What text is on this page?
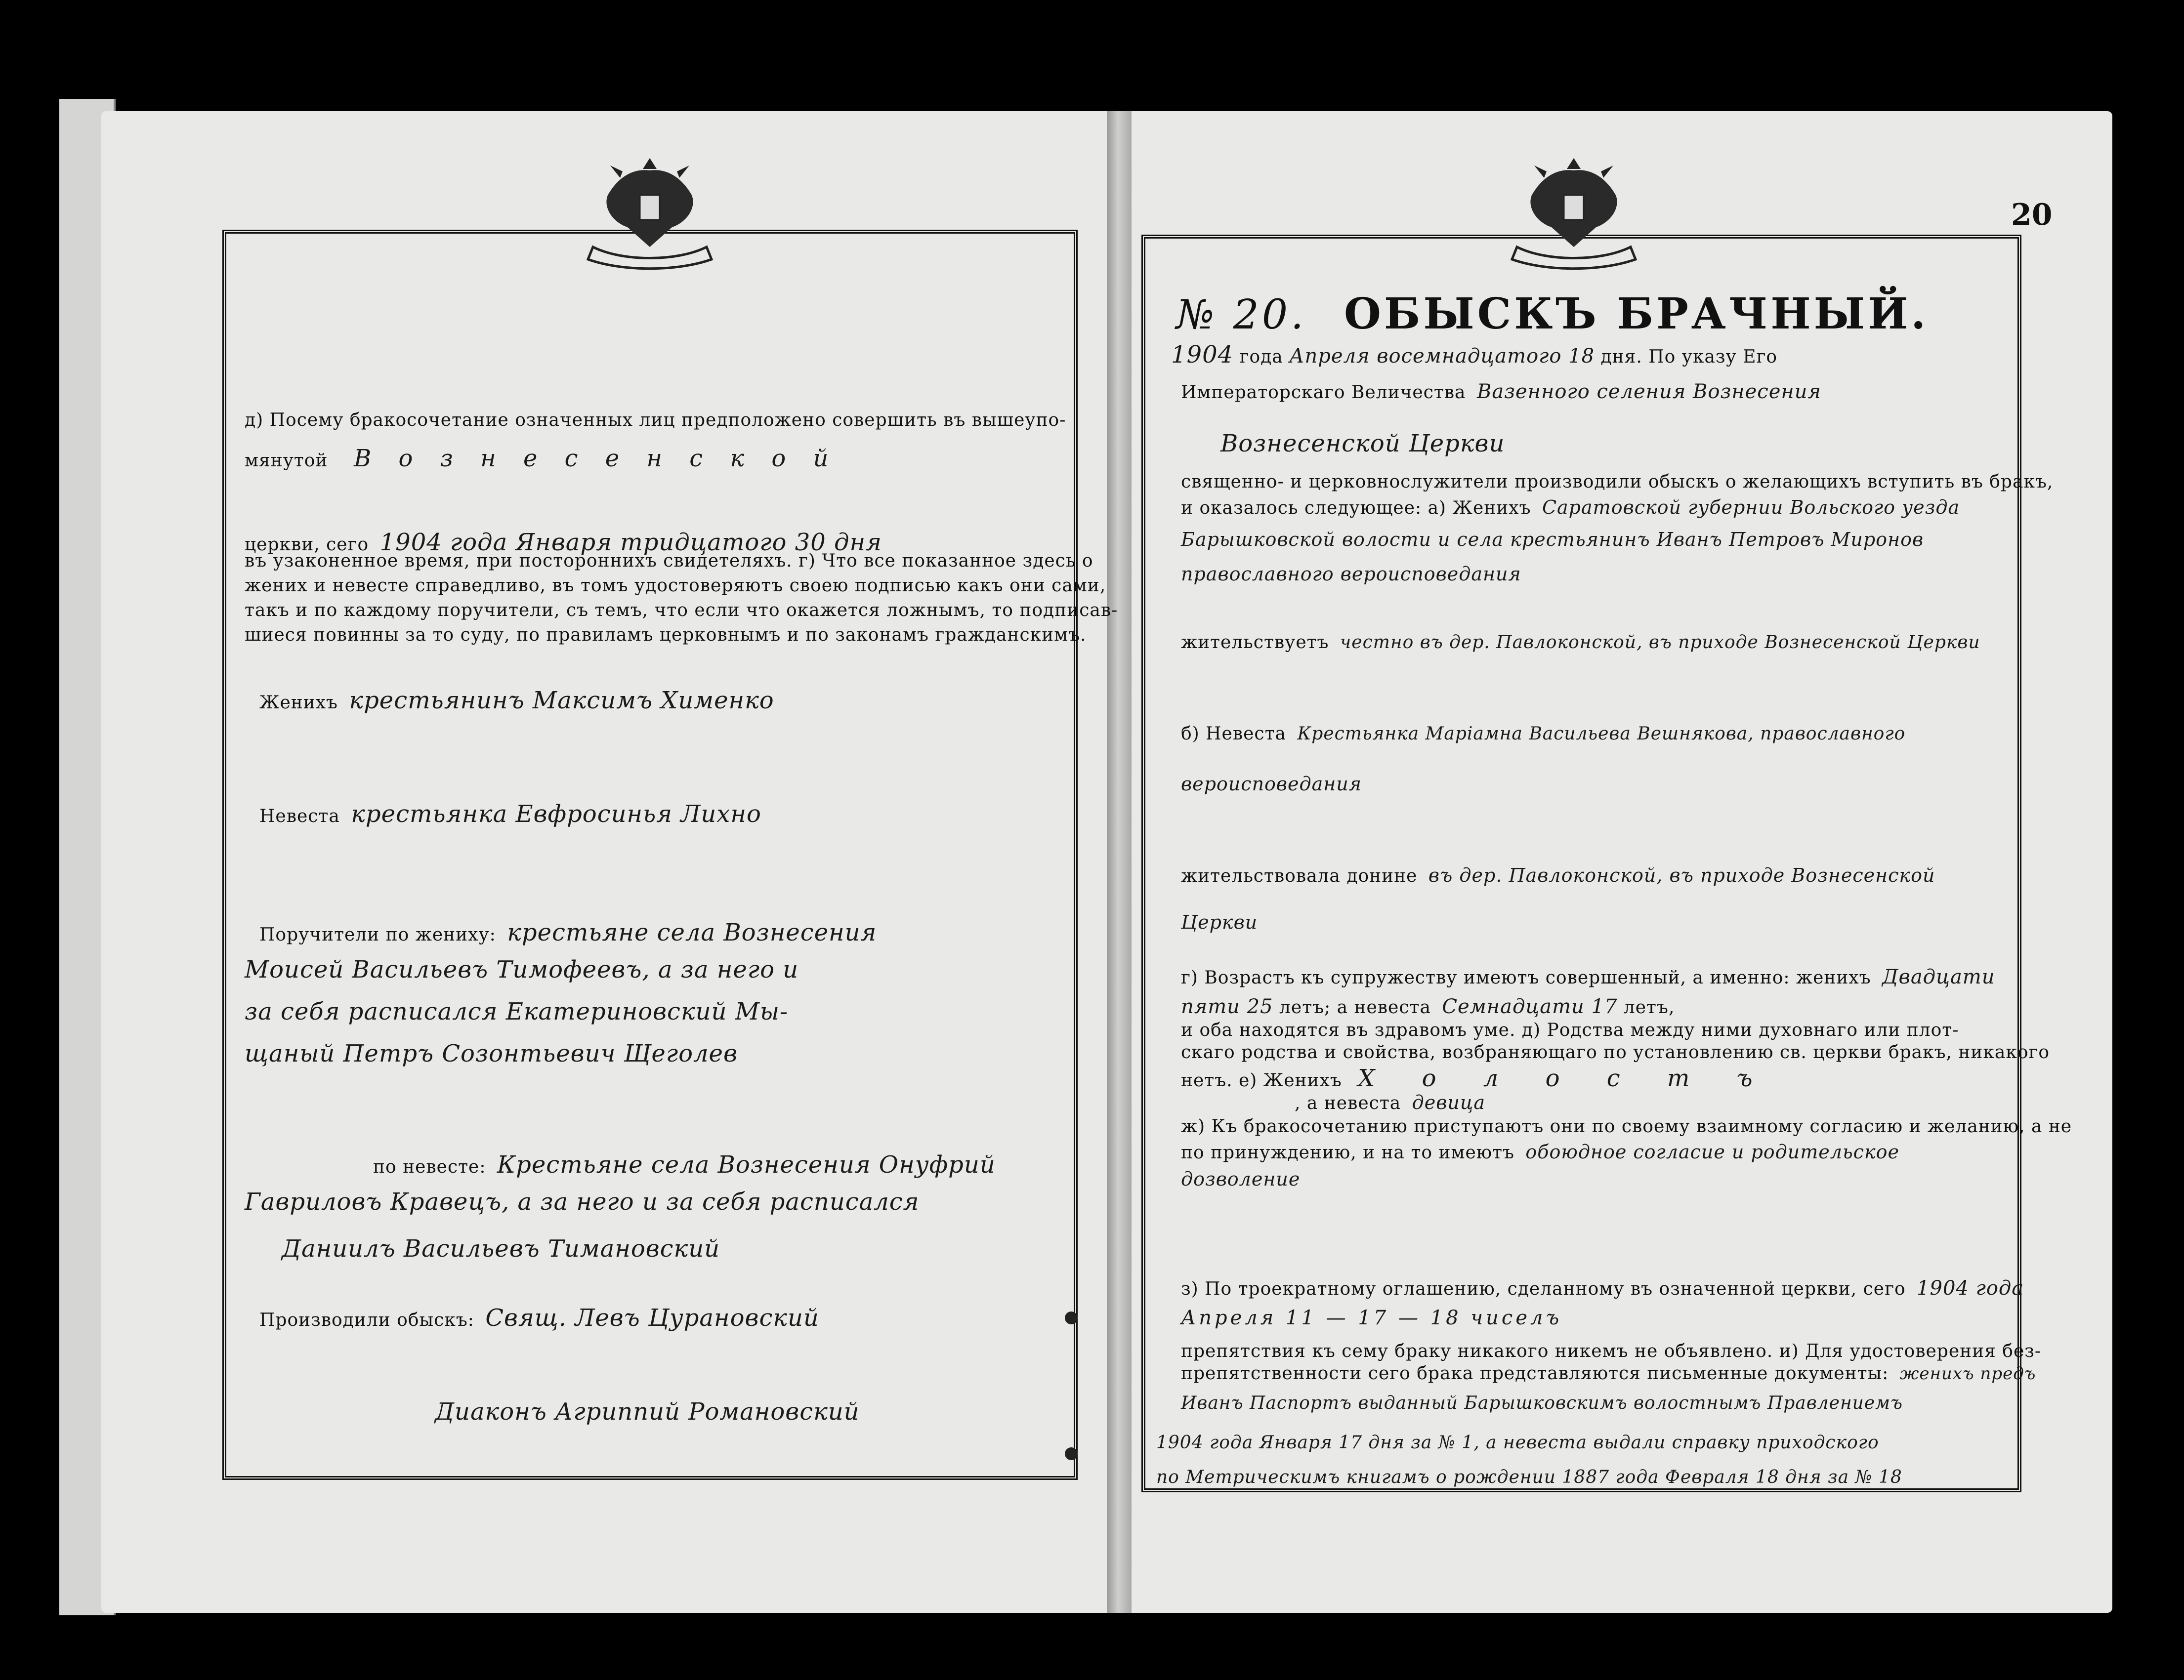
20
д) Посему бракосочетание означенных лиц предположено совершить въ вышеупо-
мянутой В о з н е с е н с к о й
церкви, сего 1904 года Января тридцатого 30 дня
въ узаконенное время, при постороннихъ свидетеляхъ. г) Что все показанное здесь о
жених и невесте справедливо, въ томъ удостоверяютъ своею подписью какъ они сами,
такъ и по каждому поручители, съ темъ, что если что окажется ложнымъ, то подписав-
шиеся повинны за то суду, по правиламъ церковнымъ и по законамъ гражданскимъ.
Женихъ крестьянинъ Максимъ Хименко
Невеста крестьянка Евфросинья Лихно
Поручители по жениху: крестьяне села Вознесения
Моисей Васильевъ Тимофеевъ, а за него и
за себя расписался Екатериновский Мы-
щаный Петръ Созонтьевич Щеголев
по невесте: Крестьяне села Вознесения Онуфрий
Гавриловъ Кравецъ, а за него и за себя расписался
Даниилъ Васильевъ Тимановский
Производили обыскъ: Свящ. Левъ Цурановский
Диаконъ Агриппий Романовский
№ 20. ОБЫСКЪ БРАЧНЫЙ.
1904 года Апреля восемнадцатого 18 дня. По указу Его
Императорскаго Величества Вазенного селения Вознесения
Вознесенской Церкви
священно- и церковнослужители производили обыскъ о желающихъ вступить въ бракъ,
и оказалось следующее: а) Женихъ Саратовской губернии Вольского уезда
Барышковской волости и села крестьянинъ Иванъ Петровъ Миронов
православного вероисповедания
жительствуетъ честно въ дер. Павлоконской, въ приходе Вознесенской Церкви
б) Невеста Крестьянка Марiамна Васильева Вешнякова, православного
вероисповедания
жительствовала донине въ дер. Павлоконской, въ приходе Вознесенской
Церкви
г) Возрастъ къ супружеству имеютъ совершенный, а именно: женихъ Двадцати
пяти 25 летъ; а невеста Семнадцати 17 летъ,
и оба находятся въ здравомъ уме. д) Родства между ними духовнаго или плот-
скаго родства и свойства, возбраняющаго по установлению св. церкви бракъ, никакого
нетъ. е) Женихъ Х о л о с т ъ
, а невеста девица
ж) Къ бракосочетанию приступаютъ они по своему взаимному согласию и желанию, а не
по принуждению, и на то имеютъ обоюдное согласие и родительское
дозволение
з) По троекратному оглашению, сделанному въ означенной церкви, сего 1904 года
Апреля 11 — 17 — 18 чиселъ
препятствия къ сему браку никакого никемъ не объявлено. и) Для удостоверения без-
препятственности сего брака представляются письменные документы: женихъ предъ
Иванъ Паспортъ выданный Барышковскимъ волостнымъ Правлениемъ
1904 года Января 17 дня за № 1, а невеста выдали справку приходского
по Метрическимъ книгамъ о рождении 1887 года Февраля 18 дня за № 18
